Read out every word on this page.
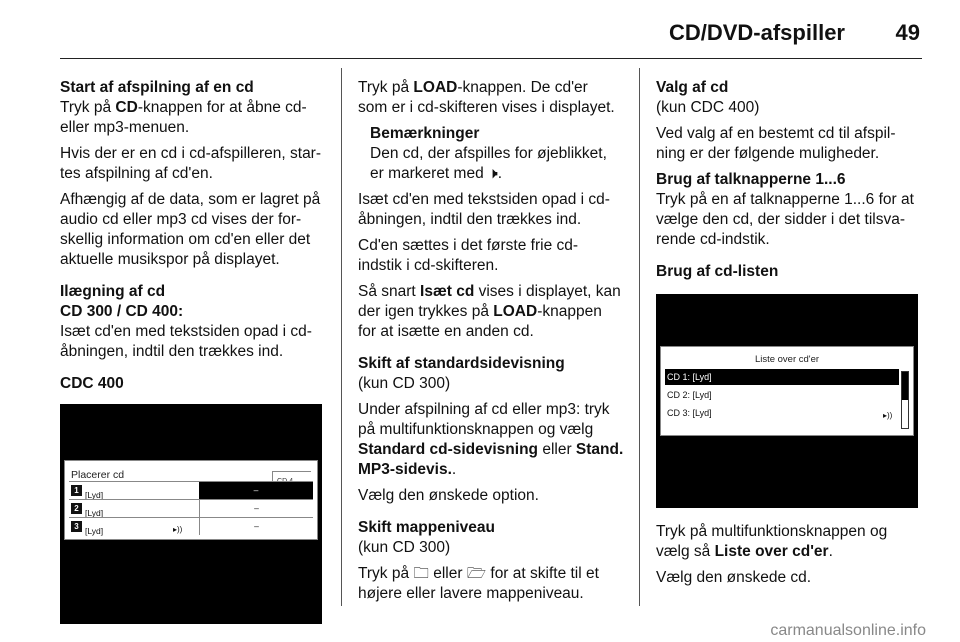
CD/DVD-afspiller 49
Start af afspilning af en cd

Tryk på CD-knappen for at åbne cd-
eller mp3-menuen.

Hvis der er en cd i cd-afspilleren, star-
tes afspilning af cd'en.

Afhængig af de data, som er lagret på
audio cd eller mp3 cd vises der for-
skellig information om cd'en eller det
aktuelle musikspor på displayet.

Ilægning af cd
CD 300 / CD 400:

Isæt cd'en med tekstsiden opad i cd-
åbningen, indtil den trækkes ind.

CDC 400
Placerer cd
1 [Lyd]	–
2 [Lyd]	–
3 [Lyd]	▸))	–

Tryk på LOAD-knappen. De cd'er
som er i cd-skifteren vises i displayet.

Bemærkninger
Den cd, der afspilles for øjeblikket,
er markeret med 🕨.

Isæt cd'en med tekstsiden opad i cd-
åbningen, indtil den trækkes ind.

Cd'en sættes i det første frie cd-
indstik i cd-skifteren.

Så snart Isæt cd vises i displayet, kan
der igen trykkes på LOAD-knappen
for at isætte en anden cd.

Skift af standardsidevisning

(kun CD 300)

Under afspilning af cd eller mp3: tryk
på multifunktionsknappen og vælg
Standard cd-sidevisning eller Stand.
MP3-sidevis..

Vælg den ønskede option.

Skift mappeniveau

(kun CD 300)

Tryk på 🗀 eller 🗁 for at skifte til et
højere eller lavere mappeniveau.

Valg af cd

(kun CDC 400)

Ved valg af en bestemt cd til afspil-
ning er der følgende muligheder.

Brug af talknapperne 1...6

Tryk på en af talknapperne 1...6 for at
vælge den cd, der sidder i det tilsva-
rende cd-indstik.

Brug af cd-listen
Liste over cd'er
CD 1: [Lyd]
CD 2: [Lyd]
CD 3: [Lyd]	▸))

Tryk på multifunktionsknappen og
vælg så Liste over cd'er.

Vælg den ønskede cd.

carmanualsonline.info
